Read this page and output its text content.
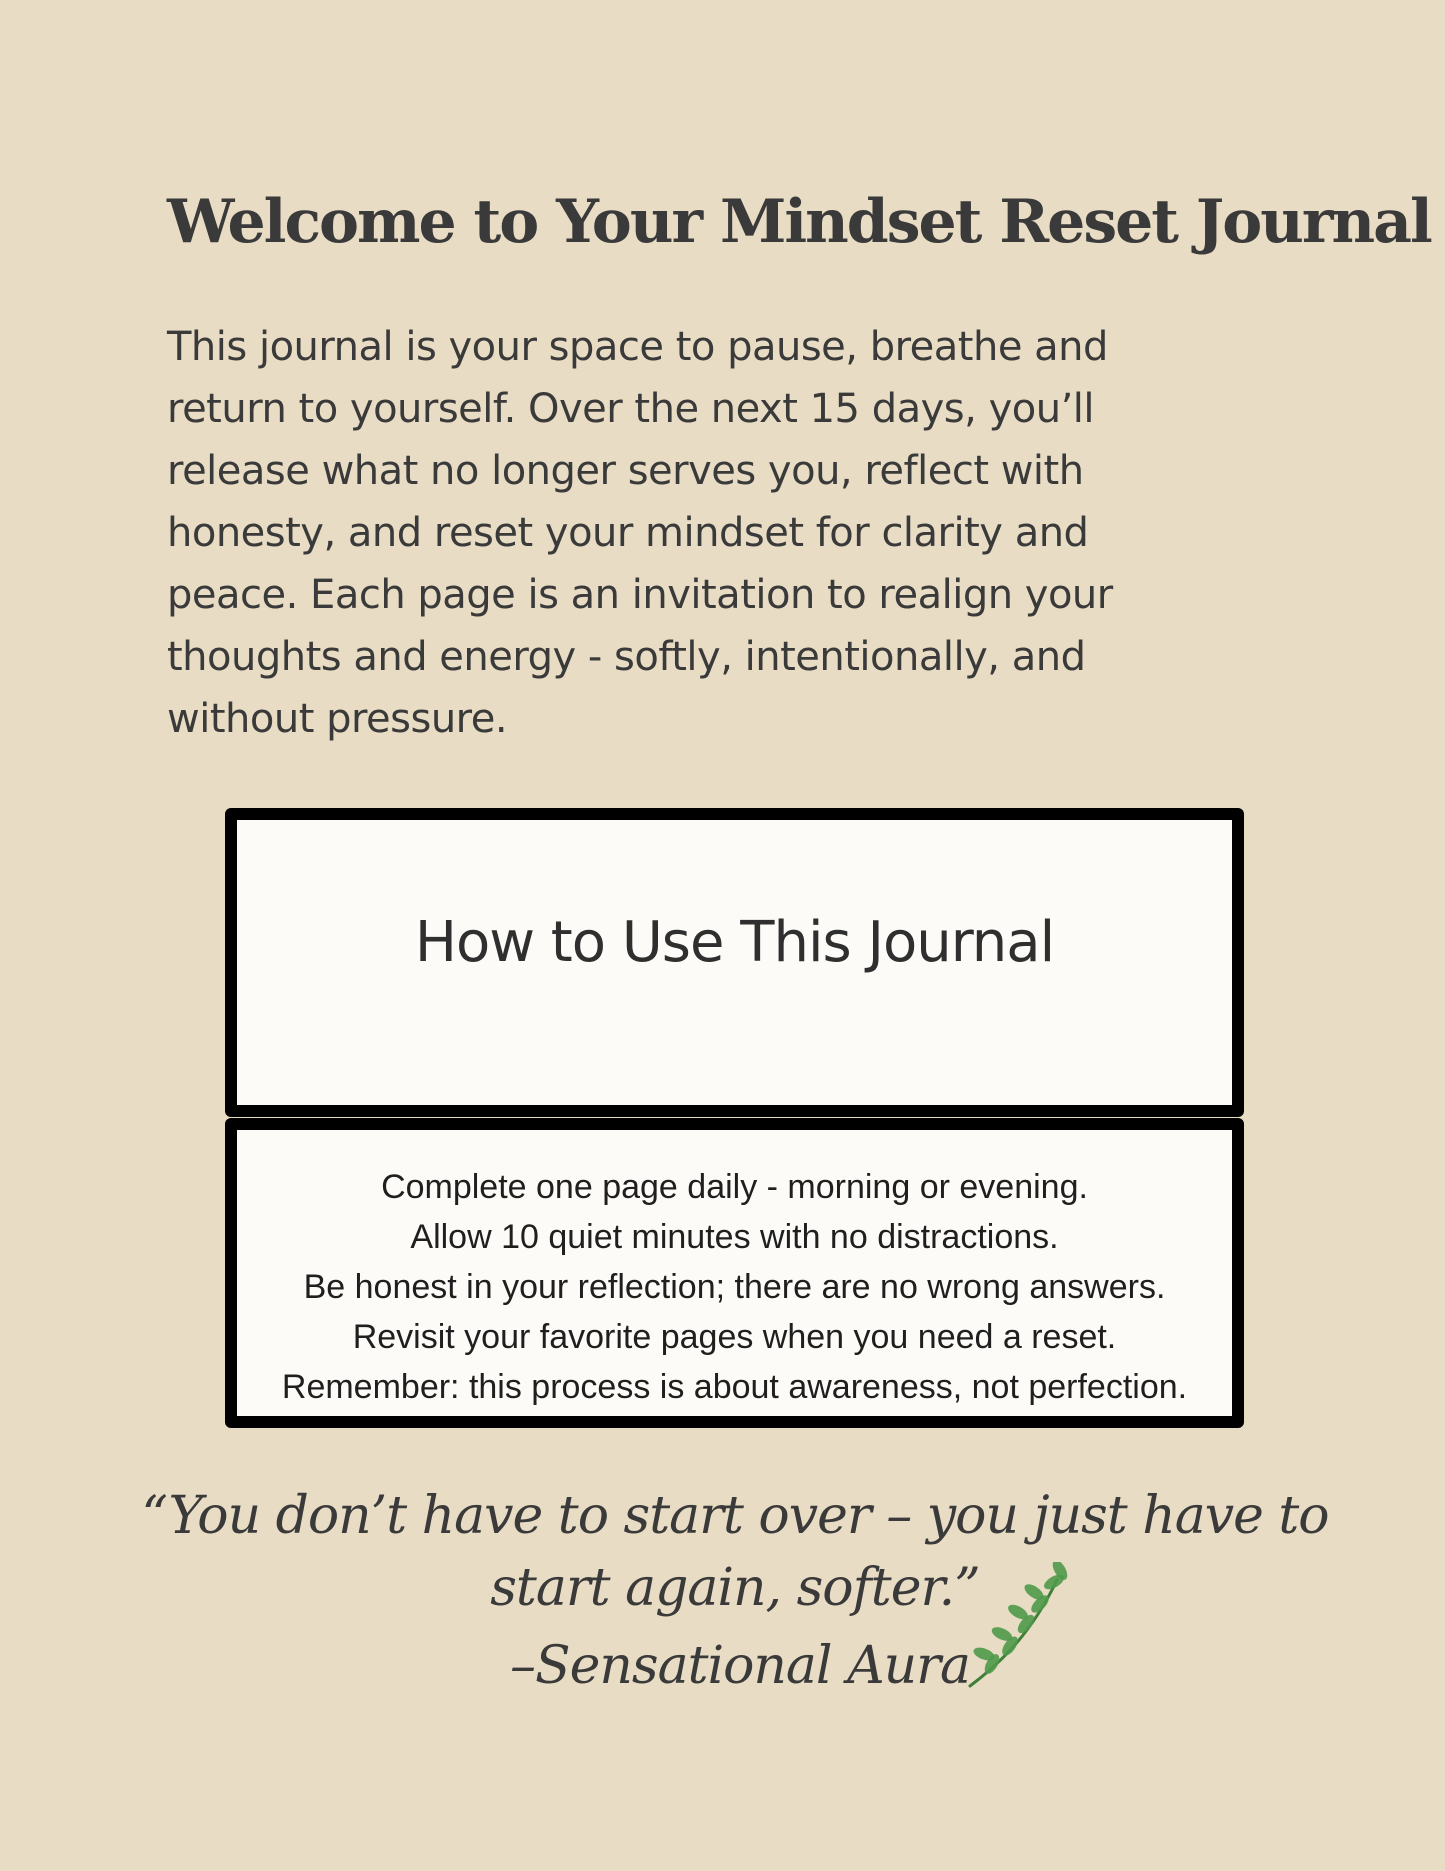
Welcome to Your Mindset Reset Journal
This journal is your space to pause, breathe and
return to yourself. Over the next 15 days, you’ll
release what no longer serves you, reflect with
honesty, and reset your mindset for clarity and
peace. Each page is an invitation to realign your
thoughts and energy - softly, intentionally, and
without pressure.
How to Use This Journal
Complete one page daily - morning or evening.
Allow 10 quiet minutes with no distractions.
Be honest in your reflection; there are no wrong answers.
Revisit your favorite pages when you need a reset.
Remember: this process is about awareness, not perfection.
“You don’t have to start over – you just have to
start again, softer.”
–Sensational Aura
